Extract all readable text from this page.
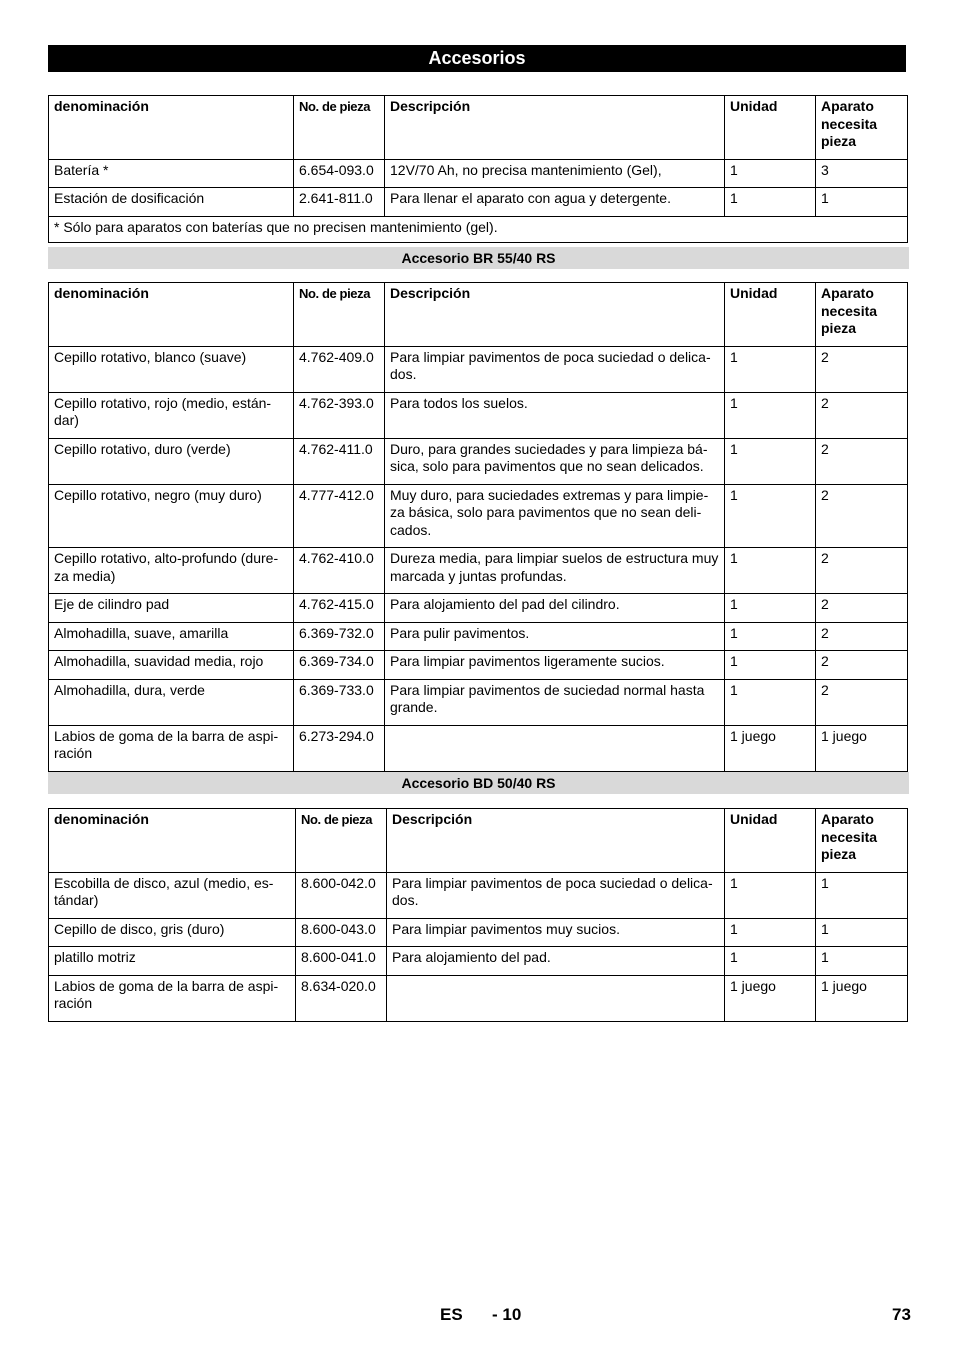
Accesorios
denominación	No. de pieza	Descripción	Unidad	Aparato necesita pieza
Batería *	6.654-093.0	12V/70 Ah, no precisa mantenimiento (Gel),	1	3
Estación de dosificación	2.641-811.0	Para llenar el aparato con agua y detergente.	1	1
* Sólo para aparatos con baterías que no precisen mantenimiento (gel).				
Accesorio BR 55/40 RS
denominación	No. de pieza	Descripción	Unidad	Aparato necesita pieza
Cepillo rotativo, blanco (suave)	4.762-409.0	Para limpiar pavimentos de poca suciedad o delica-dos.	1	2
Cepillo rotativo, rojo (medio, están-dar)	4.762-393.0	Para todos los suelos.	1	2
Cepillo rotativo, duro (verde)	4.762-411.0	Duro, para grandes suciedades y para limpieza bá-sica, solo para pavimentos que no sean delicados.	1	2
Cepillo rotativo, negro (muy duro)	4.777-412.0	Muy duro, para suciedades extremas y para limpie-za básica, solo para pavimentos que no sean deli-cados.	1	2
Cepillo rotativo, alto-profundo (dure-za media)	4.762-410.0	Dureza media, para limpiar suelos de estructura muy marcada y juntas profundas.	1	2
Eje de cilindro pad	4.762-415.0	Para alojamiento del pad del cilindro.	1	2
Almohadilla, suave, amarilla	6.369-732.0	Para pulir pavimentos.	1	2
Almohadilla, suavidad media, rojo	6.369-734.0	Para limpiar pavimentos ligeramente sucios.	1	2
Almohadilla, dura, verde	6.369-733.0	Para limpiar pavimentos de suciedad normal hasta grande.	1	2
Labios de goma de la barra de aspi-ración	6.273-294.0		1 juego	1 juego
Accesorio BD 50/40 RS
denominación	No. de pieza	Descripción	Unidad	Aparato necesita pieza
Escobilla de disco, azul (medio, es-tándar)	8.600-042.0	Para limpiar pavimentos de poca suciedad o delica-dos.	1	1
Cepillo de disco, gris (duro)	8.600-043.0	Para limpiar pavimentos muy sucios.	1	1
platillo motriz	8.600-041.0	Para alojamiento del pad.	1	1
Labios de goma de la barra de aspi-ración	8.634-020.0		1 juego	1 juego
ES - 10	73
